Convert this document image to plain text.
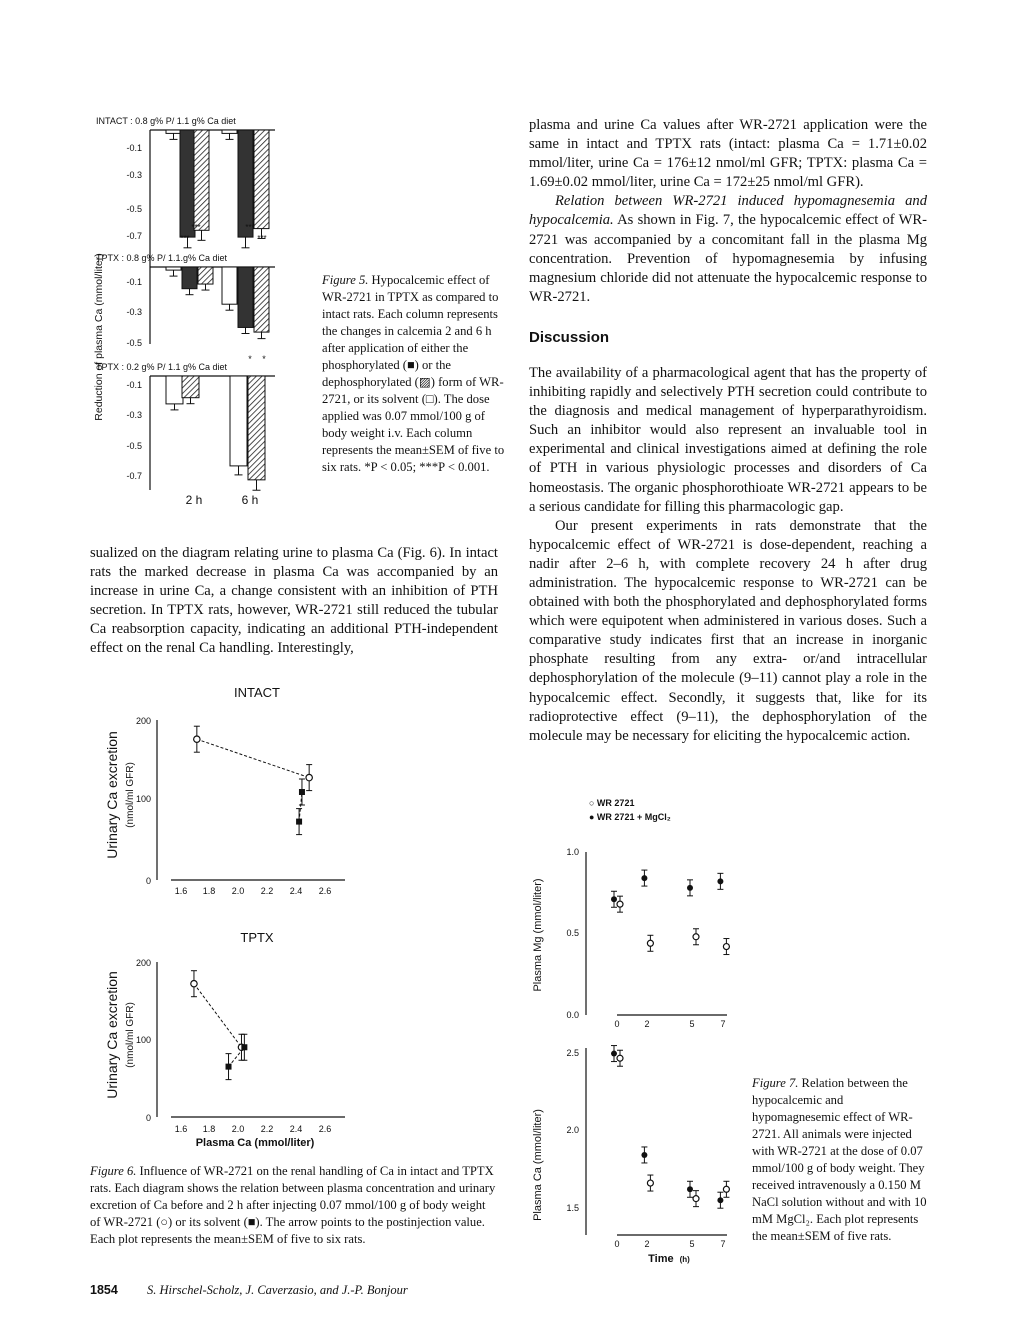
Reduction of plasma Ca (mmol/liter)
INTACT : 0.8 g% P/ 1.1 g% Ca diet
-0.1
-0.3
-0.5
-0.7
***
***
***
***
TPTX : 0.8 g% P/ 1.1.g% Ca diet
-0.1
-0.3
-0.5
* *
TPTX : 0.2 g% P/ 1.1 g% Ca diet
-0.1
-0.3
-0.5
-0.7
2 h	6 h

Figure 5. Hypocalcemic effect of WR-2721 in TPTX as compared to intact rats. Each column represents the changes in calcemia 2 and 6 h after application of either the phosphorylated (■) or the dephosphorylated (▨) form of WR-2721, or its solvent (□). The dose applied was 0.07 mmol/100 g of body weight i.v. Each column represents the mean±SEM of five to six rats. *P < 0.05; ***P < 0.001.

sualized on the diagram relating urine to plasma Ca (Fig. 6). In intact rats the marked decrease in plasma Ca was accompanied by an increase in urine Ca, a change consistent with an inhibition of PTH secretion. In TPTX rats, however, WR-2721 still reduced the tubular Ca reabsorption capacity, indicating an additional PTH-independent effect on the renal Ca handling. Interestingly,

INTACT
Urinary Ca excretion (nmol/ml GFR)
0
100
200
1.6 1.8 2.0 2.2 2.4 2.6
TPTX
Urinary Ca excretion (nmol/ml GFR)
0
100
200
1.6 1.8 2.0 2.2 2.4 2.6
Plasma Ca (mmol/liter)

Figure 6. Influence of WR-2721 on the renal handling of Ca in intact and TPTX rats. Each diagram shows the relation between plasma concentration and urinary excretion of Ca before and 2 h after injecting 0.07 mmol/100 g of body weight of WR-2721 (○) or its solvent (■). The arrow points to the postinjection value. Each plot represents the mean±SEM of five to six rats.

plasma and urine Ca values after WR-2721 application were the same in intact and TPTX rats (intact: plasma Ca = 1.71±0.02 mmol/liter, urine Ca = 176±12 nmol/ml GFR; TPTX: plasma Ca = 1.69±0.02 mmol/liter, urine Ca = 172±25 nmol/ml GFR).

Relation between WR-2721 induced hypomagnesemia and hypocalcemia. As shown in Fig. 7, the hypocalcemic effect of WR-2721 was accompanied by a concomitant fall in the plasma Mg concentration. Prevention of hypomagnesemia by infusing magnesium chloride did not attenuate the hypocalcemic response to WR-2721.

Discussion

The availability of a pharmacological agent that has the property of inhibiting rapidly and selectively PTH secretion could contribute to the diagnosis and medical management of hyperparathyroidism. Such an inhibitor would also represent an invaluable tool in experimental and clinical investigations aimed at defining the role of PTH in various physiologic processes and disorders of Ca homeostasis. The organic phosphorothioate WR-2721 appears to be a serious candidate for filling this pharmacologic gap.

Our present experiments in rats demonstrate that the hypocalcemic effect of WR-2721 is dose-dependent, reaching a nadir after 2–6 h, with complete recovery 24 h after drug administration. The hypocalcemic response to WR-2721 can be obtained with both the phosphorylated and dephosphorylated forms which were equipotent when administered in various doses. Such a comparative study indicates first that an increase in inorganic phosphate resulting from any extra- or/and intracellular dephosphorylation of the molecule (9–11) cannot play a role in the hypocalcemic effect. Secondly, it suggests that, like for its radioprotective effect (9–11), the dephosphorylation of the molecule may be necessary for eliciting the hypocalcemic action.

○ WR 2721
● WR 2721 + MgCl₂
Plasma Mg (mmol/liter)
0.0
0.5
1.0
0	2	5	7
Plasma Ca (mmol/liter) 1.5
2.0
2.5
0	2	5	7
Time (h)

Figure 7. Relation between the hypocalcemic and hypomagnesemic effect of WR-2721. All animals were injected with WR-2721 at the dose of 0.07 mmol/100 g of body weight. They received intravenously a 0.150 M NaCl solution without and with 10 mM MgCl₂. Each plot represents the mean±SEM of five rats.

1854 S. Hirschel-Scholz, J. Caverzasio, and J.-P. Bonjour
